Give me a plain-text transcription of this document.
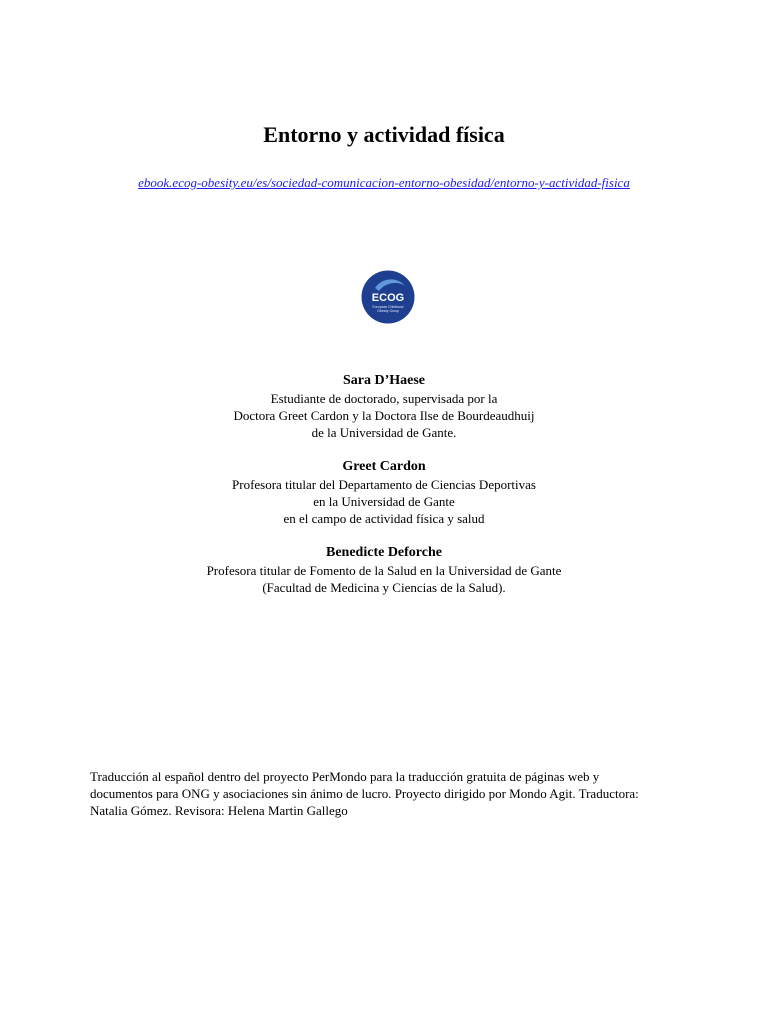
Entorno y actividad física
ebook.ecog-obesity.eu/es/sociedad-comunicacion-entorno-obesidad/entorno-y-actividad-fisica
ECOG
European Childhood
Obesity Group
Sara D’Haese
Estudiante de doctorado, supervisada por la
Doctora Greet Cardon y la Doctora Ilse de Bourdeaudhuij
de la Universidad de Gante.
Greet Cardon
Profesora titular del Departamento de Ciencias Deportivas
en la Universidad de Gante
en el campo de actividad física y salud
Benedicte Deforche
Profesora titular de Fomento de la Salud en la Universidad de Gante
(Facultad de Medicina y Ciencias de la Salud).
Traducción al español dentro del proyecto PerMondo para la traducción gratuita de páginas web y
documentos para ONG y asociaciones sin ánimo de lucro. Proyecto dirigido por Mondo Agit. Traductora:
Natalia Gómez. Revisora: Helena Martin Gallego
